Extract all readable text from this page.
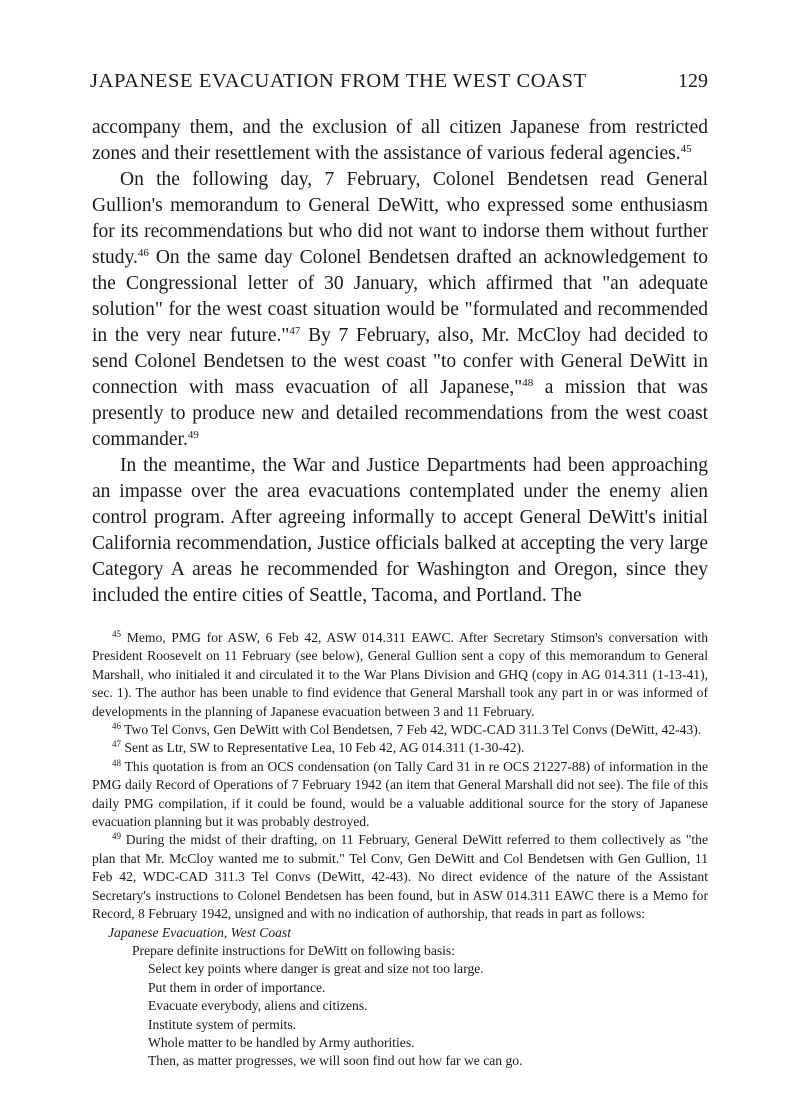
JAPANESE EVACUATION FROM THE WEST COAST	129

accompany them, and the exclusion of all citizen Japanese from restricted zones and their resettlement with the assistance of various federal agencies.$^{45}$

On the following day, 7 February, Colonel Bendetsen read General Gullion's memorandum to General DeWitt, who expressed some enthusiasm for its recommendations but who did not want to indorse them without further study.$^{46}$ On the same day Colonel Bendetsen drafted an acknowledgement to the Congressional letter of 30 January, which affirmed that "an adequate solution" for the west coast situation would be "formulated and recommended in the very near future."$^{47}$ By 7 February, also, Mr. McCloy had decided to send Colonel Bendetsen to the west coast "to confer with General DeWitt in connection with mass evacuation of all Japanese,"$^{48}$ a mission that was presently to produce new and detailed recommendations from the west coast commander.$^{49}$

In the meantime, the War and Justice Departments had been approaching an impasse over the area evacuations contemplated under the enemy alien control program. After agreeing informally to accept General DeWitt's initial California recommendation, Justice officials balked at accepting the very large Category A areas he recommended for Washington and Oregon, since they included the entire cities of Seattle, Tacoma, and Portland. The

$^{45}$ Memo, PMG for ASW, 6 Feb 42, ASW 014.311 EAWC. After Secretary Stimson's conversation with President Roosevelt on 11 February (see below), General Gullion sent a copy of this memorandum to General Marshall, who initialed it and circulated it to the War Plans Division and GHQ (copy in AG 014.311 (1-13-41), sec. 1). The author has been unable to find evidence that General Marshall took any part in or was informed of developments in the planning of Japanese evacuation between 3 and 11 February.

$^{46}$ Two Tel Convs, Gen DeWitt with Col Bendetsen, 7 Feb 42, WDC-CAD 311.3 Tel Convs (DeWitt, 42-43).

$^{47}$ Sent as Ltr, SW to Representative Lea, 10 Feb 42, AG 014.311 (1-30-42).

$^{48}$ This quotation is from an OCS condensation (on Tally Card 31 in re OCS 21227-88) of information in the PMG daily Record of Operations of 7 February 1942 (an item that General Marshall did not see). The file of this daily PMG compilation, if it could be found, would be a valuable additional source for the story of Japanese evacuation planning but it was probably destroyed.

$^{49}$ During the midst of their drafting, on 11 February, General DeWitt referred to them collectively as "the plan that Mr. McCloy wanted me to submit." Tel Conv, Gen DeWitt and Col Bendetsen with Gen Gullion, 11 Feb 42, WDC-CAD 311.3 Tel Convs (DeWitt, 42-43). No direct evidence of the nature of the Assistant Secretary's instructions to Colonel Bendetsen has been found, but in ASW 014.311 EAWC there is a Memo for Record, 8 February 1942, unsigned and with no indication of authorship, that reads in part as follows:

Japanese Evacuation, West Coast
Prepare definite instructions for DeWitt on following basis:
Select key points where danger is great and size not too large.
Put them in order of importance.
Evacuate everybody, aliens and citizens.
Institute system of permits.
Whole matter to be handled by Army authorities.
Then, as matter progresses, we will soon find out how far we can go.
